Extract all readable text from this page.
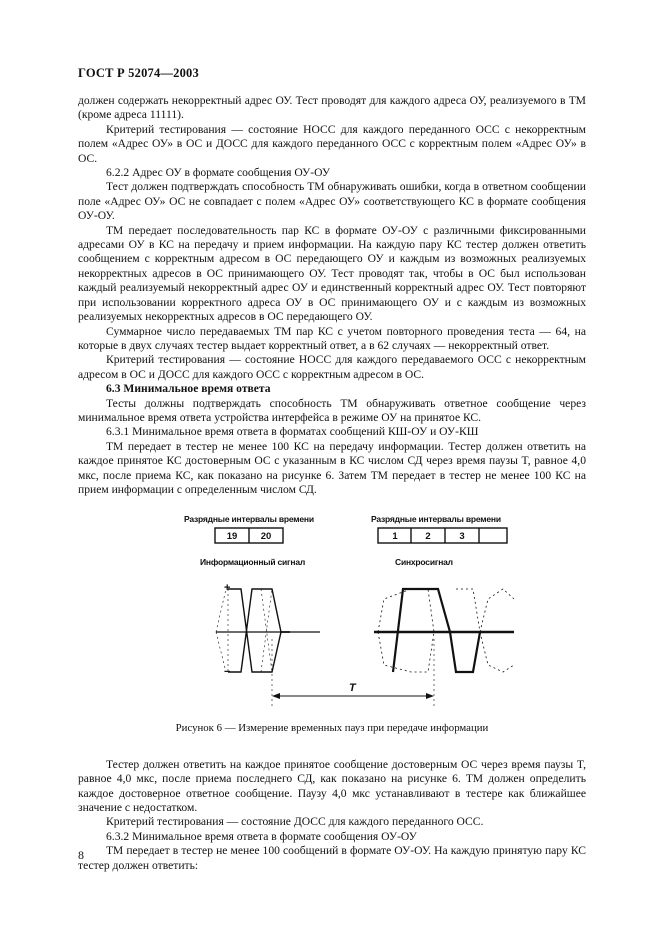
ГОСТ Р 52074—2003

должен содержать некорректный адрес ОУ. Тест проводят для каждого адреса ОУ, реализуемого в ТМ (кроме адреса 11111).

Критерий тестирования — состояние НОСС для каждого переданного ОСС с некорректным полем «Адрес ОУ» в ОС и ДОСС для каждого переданного ОСС с корректным полем «Адрес ОУ» в ОС.

6.2.2 Адрес ОУ в формате сообщения ОУ-ОУ

Тест должен подтверждать способность ТМ обнаруживать ошибки, когда в ответном сообщении поле «Адрес ОУ» ОС не совпадает с полем «Адрес ОУ» соответствующего КС в формате сообщения ОУ-ОУ.

ТМ передает последовательность пар КС в формате ОУ-ОУ с различными фиксированными адресами ОУ в КС на передачу и прием информации. На каждую пару КС тестер должен ответить сообщением с корректным адресом в ОС передающего ОУ и каждым из возможных реализуемых некорректных адресов в ОС принимающего ОУ. Тест проводят так, чтобы в ОС был использован каждый реализуемый некорректный адрес ОУ и единственный корректный адрес ОУ. Тест повторяют при использовании корректного адреса ОУ в ОС принимающего ОУ и с каждым из возможных реализуемых некорректных адресов в ОС передающего ОУ.

Суммарное число передаваемых ТМ пар КС с учетом повторного проведения теста — 64, на которые в двух случаях тестер выдает корректный ответ, а в 62 случаях — некорректный ответ.

Критерий тестирования — состояние НОСС для каждого передаваемого ОСС с некорректным адресом в ОС и ДОСС для каждого ОСС с корректным адресом в ОС.

6.3 Минимальное время ответа

Тесты должны подтверждать способность ТМ обнаруживать ответное сообщение через минимальное время ответа устройства интерфейса в режиме ОУ на принятое КС.

6.3.1 Минимальное время ответа в форматах сообщений КШ-ОУ и ОУ-КШ

ТМ передает в тестер не менее 100 КС на передачу информации. Тестер должен ответить на каждое принятое КС достоверным ОС с указанным в КС числом СД через время паузы T, равное 4,0 мкс, после приема КС, как показано на рисунке 6. Затем ТМ передает в тестер не менее 100 КС на прием информации с определенным числом СД.

Разрядные интервалы времени	Разрядные интервалы времени
19	20	1	2	3
Информационный сигнал	Синхросигнал
+
−
T
Рисунок 6 — Измерение временных пауз при передаче информации

Тестер должен ответить на каждое принятое сообщение достоверным ОС через время паузы T, равное 4,0 мкс, после приема последнего СД, как показано на рисунке 6. ТМ должен определить каждое достоверное ответное сообщение. Паузу 4,0 мкс устанавливают в тестере как ближайшее значение с недостатком.

Критерий тестирования — состояние ДОСС для каждого переданного ОСС.

6.3.2 Минимальное время ответа в формате сообщения ОУ-ОУ

ТМ передает в тестер не менее 100 сообщений в формате ОУ-ОУ. На каждую принятую пару КС тестер должен ответить:

8
